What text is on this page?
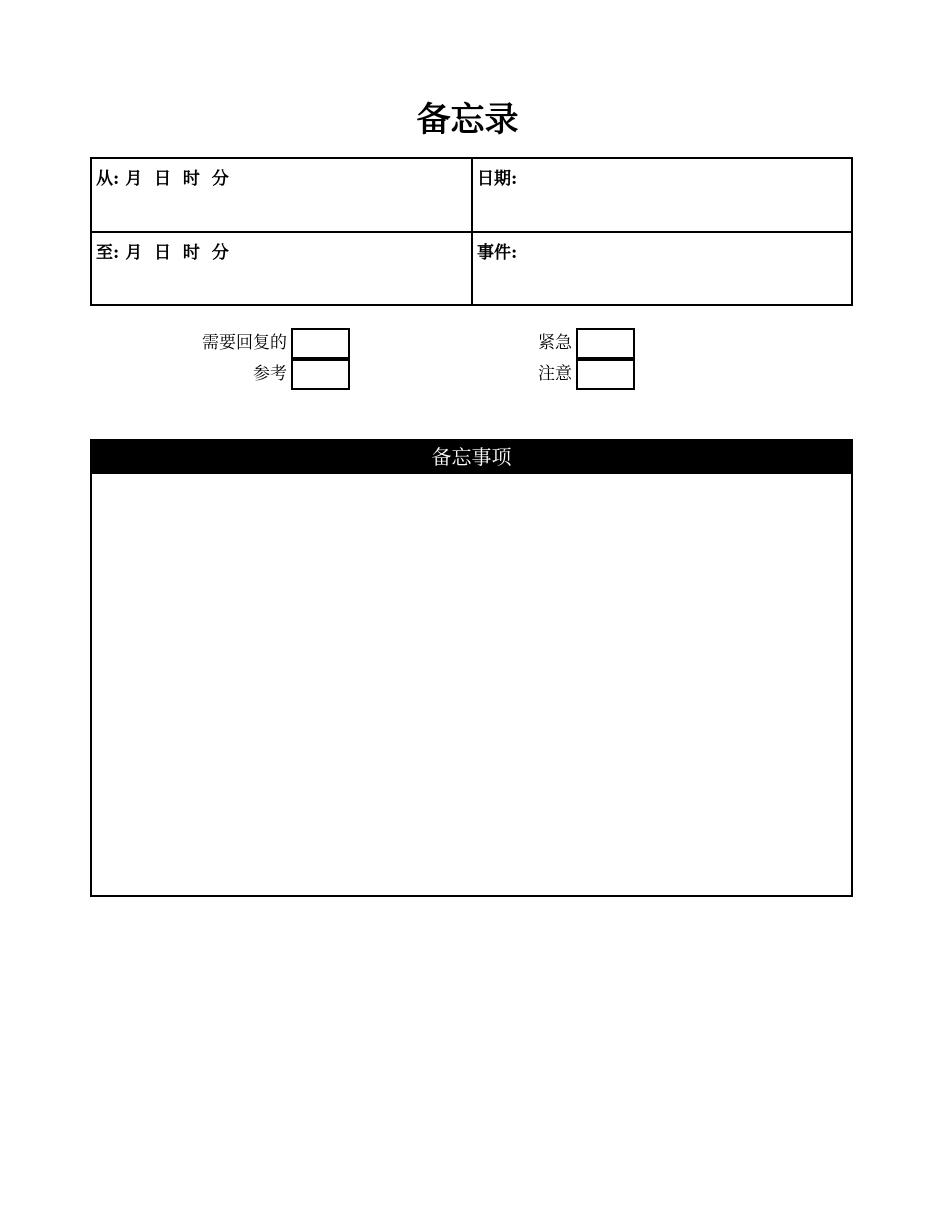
备忘录
从: 月  日  时  分	日期:
至: 月  日  时  分	事件:
需要回复的
参考
紧急
注意
备忘事项
